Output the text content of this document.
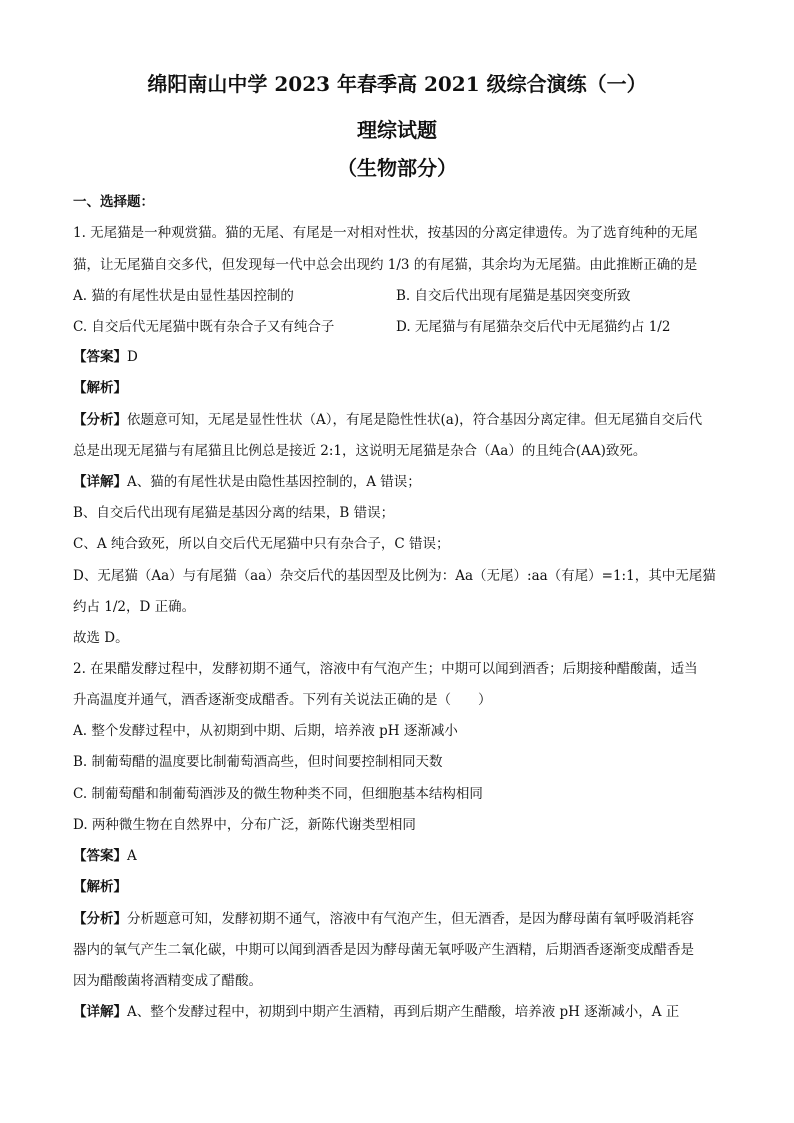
绵阳南山中学 2023 年春季高 2021 级综合演练（一）
理综试题
（生物部分）
一、选择题：
1. 无尾猫是一种观赏猫。猫的无尾、有尾是一对相对性状，按基因的分离定律遗传。为了选育纯种的无尾
猫，让无尾猫自交多代，但发现每一代中总会出现约 1/3 的有尾猫，其余均为无尾猫。由此推断正确的是
A. 猫的有尾性状是由显性基因控制的	B. 自交后代出现有尾猫是基因突变所致
C. 自交后代无尾猫中既有杂合子又有纯合子	D. 无尾猫与有尾猫杂交后代中无尾猫约占 1/2
【答案】D
【解析】
【分析】依题意可知，无尾是显性性状（A），有尾是隐性性状(a)，符合基因分离定律。但无尾猫自交后代
总是出现无尾猫与有尾猫且比例总是接近 2:1，这说明无尾猫是杂合（Aa）的且纯合(AA)致死。
【详解】A、猫的有尾性状是由隐性基因控制的，A 错误；
B、自交后代出现有尾猫是基因分离的结果，B 错误；
C、A 纯合致死，所以自交后代无尾猫中只有杂合子，C 错误；
D、无尾猫（Aa）与有尾猫（aa）杂交后代的基因型及比例为：Aa（无尾）:aa（有尾）=1:1，其中无尾猫
约占 1/2，D 正确。
故选 D。
2. 在果醋发酵过程中，发酵初期不通气，溶液中有气泡产生；中期可以闻到酒香；后期接种醋酸菌，适当
升高温度并通气，酒香逐渐变成醋香。下列有关说法正确的是（　　）
A. 整个发酵过程中，从初期到中期、后期，培养液 pH 逐渐减小
B. 制葡萄醋的温度要比制葡萄酒高些，但时间要控制相同天数
C. 制葡萄醋和制葡萄酒涉及的微生物种类不同，但细胞基本结构相同
D. 两种微生物在自然界中，分布广泛，新陈代谢类型相同
【答案】A
【解析】
【分析】分析题意可知，发酵初期不通气，溶液中有气泡产生，但无酒香，是因为酵母菌有氧呼吸消耗容
器内的氧气产生二氧化碳，中期可以闻到酒香是因为酵母菌无氧呼吸产生酒精，后期酒香逐渐变成醋香是
因为醋酸菌将酒精变成了醋酸。
【详解】A、整个发酵过程中，初期到中期产生酒精，再到后期产生醋酸，培养液 pH 逐渐减小，A 正
